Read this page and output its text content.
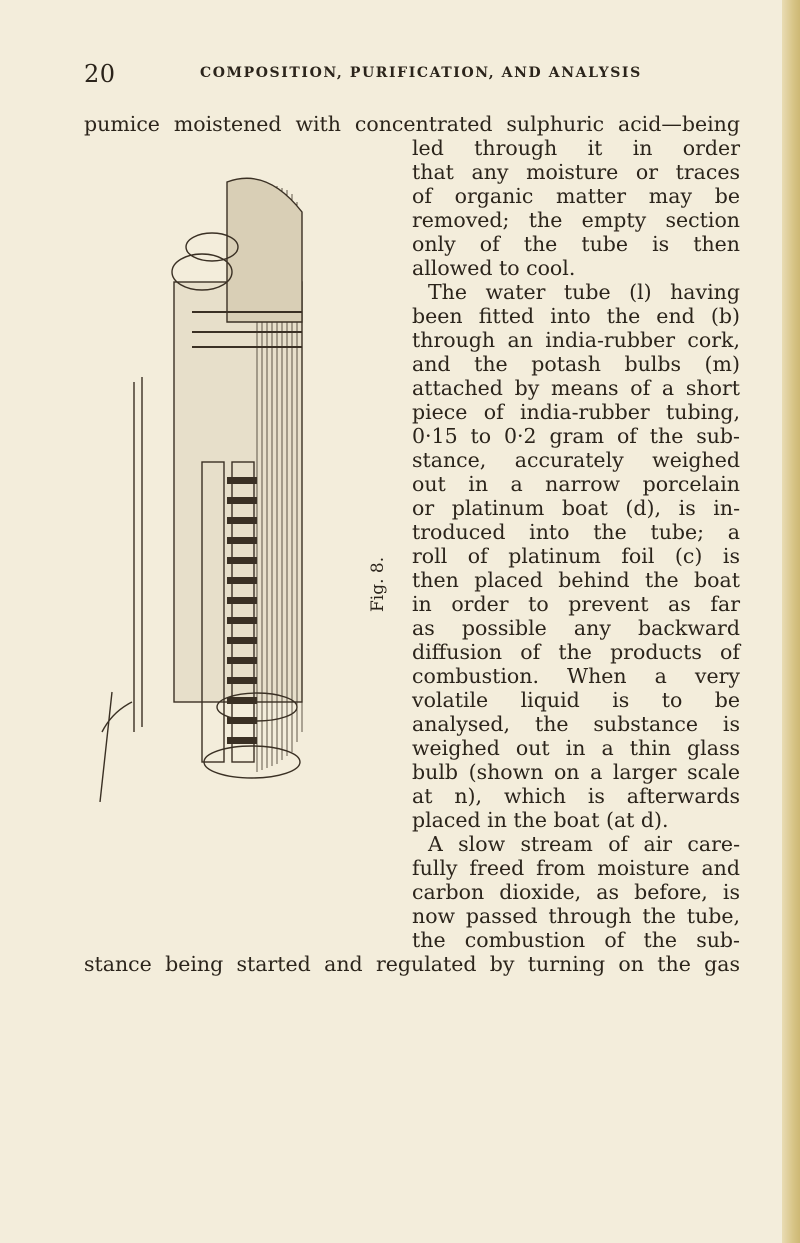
20	COMPOSITION, PURIFICATION, AND ANALYSIS
Fig. 8.
pumice moistened with concentrated sulphuric acid—being
led through it in order
that any moisture or traces
of organic matter may be
removed; the empty section
only of the tube is then
allowed to cool.
The water tube (l) having
been fitted into the end (b)
through an india-rubber cork,
and the potash bulbs (m)
attached by means of a short
piece of india-rubber tubing,
0·15 to 0·2 gram of the sub-
stance, accurately weighed
out in a narrow porcelain
or platinum boat (d), is in-
troduced into the tube; a
roll of platinum foil (c) is
then placed behind the boat
in order to prevent as far
as possible any backward
diffusion of the products of
combustion. When a very
volatile liquid is to be
analysed, the substance is
weighed out in a thin glass
bulb (shown on a larger scale
at n), which is afterwards
placed in the boat (at d).
A slow stream of air care-
fully freed from moisture and
carbon dioxide, as before, is
now passed through the tube,
the combustion of the sub-
stance being started and regulated by turning on the gas
